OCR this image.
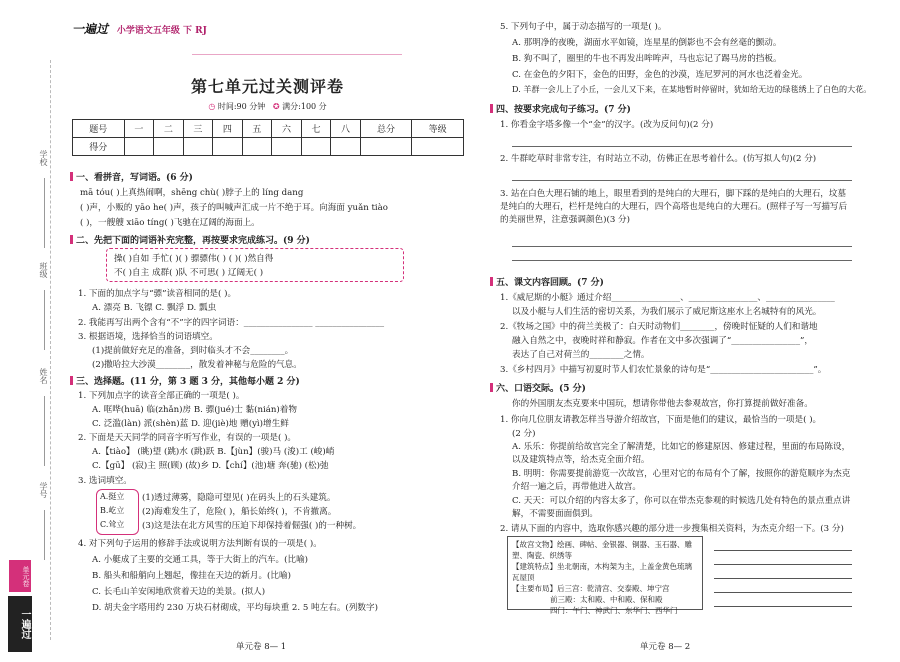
学校
班级
姓名
学号
单元卷
一遍过
一遍过 小学语文五年级 下 RJ
第七单元过关测评卷
◷ 时间:90 分钟 ✪ 满分:100 分
题号	一	二	三	四	五	六	七	八	总分	等级
得分										
一、看拼音，写词语。(6 分)
mā tóu( )上真热闹啊，shēng chù( )脖子上的 líng dang
( )声，小贩的 yāo he( )声，孩子的叫喊声汇成一片不绝于耳。向海面 yuǎn tiào
( )，一艘艘 xiāo tíng( )飞驰在辽阔的海面上。
二、先把下面的词语补充完整，再按要求完成练习。(9 分)
操( )自如 手忙( )( ) 骠骠伟( ) ( )( )然自得
不( )自主 成群( )队 不可思( ) 辽阔无( )
1. 下面的加点字与“骠”读音相同的是( )。
A. 漂亮 B. 飞镖 C. 飘浮 D. 瓢虫
2. 我能再写出两个含有“不”字的四字词语：________________ ________________
3. 根据语境，选择恰当的词语填空。
(1)提前做好充足的准备，到时临头才不会________。
(2)撒哈拉大沙漠________，散发着神秘与危险的气息。
三、选择题。(11 分，第 3 题 3 分，其他每小题 2 分)
1. 下列加点字的读音全部正确的一项是( )。
A. 哐哗(huā) 临(zhǎn)房 B. 骠(jué)士 黏(nián)着物
C. 泛滥(làn) 派(shèn)蓝 D. 迎(jiè)地 赠(yì)增生鲜
2. 下面是天天同学的同音字听写作业，有误的一项是( )。
A.【tiào】 (眺)望 (跳)水 (跳)跃 B.【jùn】(骏)马 (浚)工 (峻)峭
C.【gū】 (寂)主 照(顾) (故)乡 D.【chí】(池)塘 奔(驰) (松)弛
3. 选词填空。
A.挺立
B.屹立
C.耸立
(1)透过薄雾，隐隐可望见( )在码头上的石头建筑。
(2)海难发生了，危险( )，船长始终( )，不肯撤离。
(3)这是法在北方风雪的压迫下却保持着倔强( )的一种树。
4. 对下列句子运用的修辞手法或说明方法判断有误的一项是( )。
A. 小艇成了主要的交通工具，等于大街上的汽车。(比喻)
B. 船头和船艄向上翘起，像挂在天边的新月。(比喻)
C. 长毛山羊安闲地欣赏着天边的美景。(拟人)
D. 胡夫金字塔用约 230 万块石材砌成，平均每块重 2. 5 吨左右。(列数字)
单元卷 8— 1
5. 下列句子中，属于动态描写的一项是( )。
A. 那明净的夜晚，湖面水平如镜，连星星的倒影也不会有丝毫的颤动。
B. 狗不叫了，圈里的牛也不再发出哞哞声，马也忘记了踢马房的挡板。
C. 在金色的夕阳下，金色的田野，金色的沙漠，连尼罗河的河水也泛着金光。
D. 羊群一会儿上了小丘，一会儿又下来，在某地暂时停留时，犹如给无边的绿毯绣上了白色的大花。
四、按要求完成句子练习。(7 分)
1. 你看金字塔多像一个“金”的汉字。(改为反问句)(2 分)
2. 牛群吃草时非常专注，有时站立不动，仿佛正在思考着什么。(仿写拟人句)(2 分)
3. 站在白色大理石铺的地上，眼里看到的是纯白的大理石，脚下踩的是纯白的大理石，坟墓是纯白的大理石，栏杆是纯白的大理石，四个高塔也是纯白的大理石。(照样子写一写描写后的美丽世界，注意强调颜色)(3 分)
五、课文内容回顾。(7 分)
1.《威尼斯的小艇》通过介绍________________、________________、________________
以及小艇与人们生活的密切关系，为我们展示了威尼斯这座水上名城特有的风光。
2.《牧场之国》中的荷兰美极了：白天时动物们________，傍晚时怔疑的人们和谐地
融入自然之中，夜晚时祥和静寂。作者在文中多次强调了“________________”，
表达了自己对荷兰的________之情。
3.《乡村四月》中描写初夏时节人们农忙景象的诗句是“________________________”。
六、口语交际。(5 分)
你的外国朋友杰克要来中国玩，想请你带他去参观故宫，你打算提前做好准备。
1. 你向几位朋友请教怎样当导游介绍故宫，下面是他们的建议，最恰当的一项是( )。
(2 分)
A. 乐乐：你提前给故宫完全了解清楚，比如它的修建原因、修建过程，里面的布局陈设，以及建筑特点等，给杰克全面介绍。
B. 明明：你需要提前游览一次故宫，心里对它的布局有个了解，按照你的游览顺序为杰克介绍一遍之后，再带他进入故宫。
C. 天天：可以介绍的内容太多了，你可以在带杰克参观的时候选几处有特色的景点重点讲解，不需要面面俱到。
2. 请从下面的内容中，选取你感兴趣的部分进一步搜集相关资料，为杰克介绍一下。(3 分)
【故宫文物】绘画、碑帖、金银器、铜器、玉石器、雕塑、陶瓷、织绣等
【建筑特点】坐北朝南，木构架为主，上盖金黄色琉璃瓦屋顶
【主要布局】后三宫：乾清宫、交泰殿、坤宁宫
前三殿：太和殿、中和殿、保和殿
四门：午门、神武门、东华门、西华门
单元卷 8— 2
